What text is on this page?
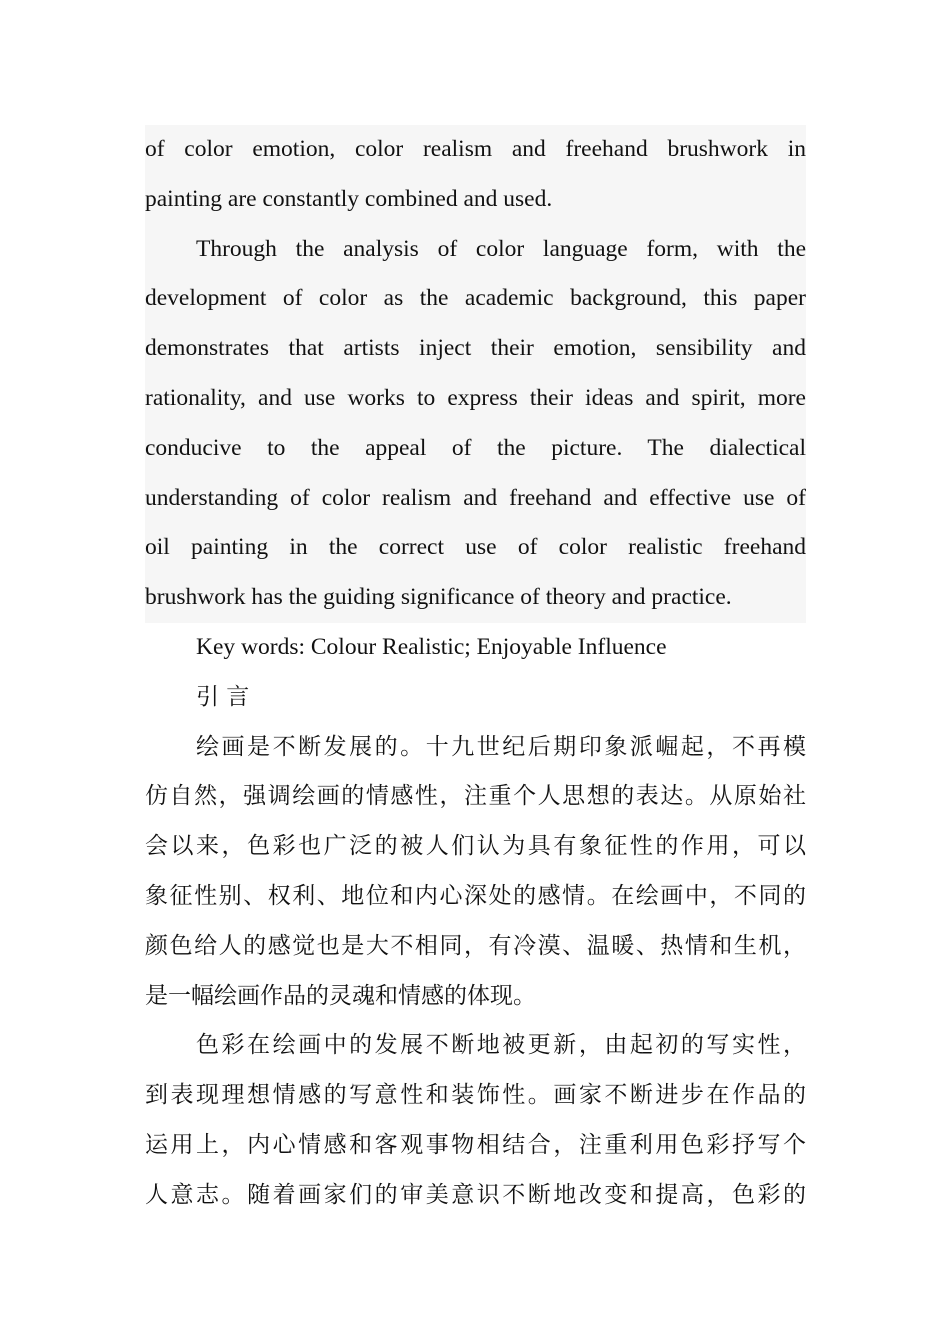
of color emotion, color realism and freehand brushwork in
painting are constantly combined and used.
Through the analysis of color language form, with the
development of color as the academic background, this paper
demonstrates that artists inject their emotion, sensibility and
rationality, and use works to express their ideas and spirit, more
conducive to the appeal of the picture. The dialectical
understanding of color realism and freehand and effective use of
oil painting in the correct use of color realistic freehand
brushwork has the guiding significance of theory and practice.
Key words: Colour Realistic; Enjoyable Influence
引 言
绘画是不断发展的。十九世纪后期印象派崛起，不再模
仿自然，强调绘画的情感性，注重个人思想的表达。从原始社
会以来，色彩也广泛的被人们认为具有象征性的作用，可以
象征性别、权利、地位和内心深处的感情。在绘画中，不同的
颜色给人的感觉也是大不相同，有冷漠、温暖、热情和生机，
是一幅绘画作品的灵魂和情感的体现。
色彩在绘画中的发展不断地被更新，由起初的写实性，
到表现理想情感的写意性和装饰性。画家不断进步在作品的
运用上，内心情感和客观事物相结合，注重利用色彩抒写个
人意志。随着画家们的审美意识不断地改变和提高，色彩的
